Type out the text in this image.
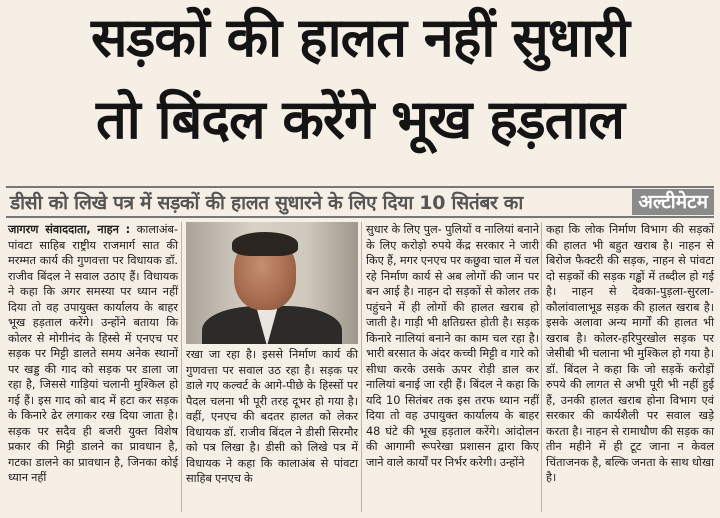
सड़कों की हालत नहीं सुधारी
तो बिंदल करेंगे भूख हड़ताल
डीसी को लिखे पत्र में सड़कों की हालत सुधारने के लिए दिया 10 सितंबर का	अल्टीमेटम
जागरण संवाददाता, नाहन : कालाअंब-पांवटा साहिब राष्ट्रीय राजमार्ग सात की मरम्मत कार्य की गुणवत्ता पर विधायक डॉ. राजीव बिंदल ने सवाल उठाए हैं। विधायक ने कहा कि अगर समस्या पर ध्यान नहीं दिया तो वह उपायुक्त कार्यालय के बाहर भूख हड़ताल करेंगे। उन्होंने बताया कि कोलर से मोगीनंद के हिस्से में एनएच पर सड़क पर मिट्टी डालते समय अनेक स्थानों पर खड्ड की गाद को सड़क पर डाला जा रहा है, जिससे गाड़ियां चलानी मुश्किल हो गई हैं। इस गाद को बाद में हटा कर सड़क के किनारे ढेर लगाकर रख दिया जाता है। सड़क पर सदैव ही बजरी युक्त विशेष प्रकार की मिट्टी डालने का प्रावधान है, गटका डालने का प्रावधान है, जिनका कोई ध्यान नहीं
रखा जा रहा है। इससे निर्माण कार्य की गुणवत्ता पर सवाल उठ रहा है। सड़क पर डाले गए कल्वर्ट के आगे-पीछे के हिस्सों पर पैदल चलना भी पूरी तरह दूभर हो गया है। वहीं, एनएच की बदतर हालत को लेकर विधायक डॉ. राजीव बिंदल ने डीसी सिरमौर को पत्र लिखा है। डीसी को लिखे पत्र में विधायक ने कहा कि कालाअंब से पांवटा साहिब एनएच के
सुधार के लिए पुल- पुलियों व नालियां बनाने के लिए करोड़ो रुपये केंद्र सरकार ने जारी किए हैं, मगर एनएच पर कछुवा चाल में चल रहे निर्माण कार्य से अब लोगों की जान पर बन आई है। नाहन दो सड़कों से कोलर तक पहुंचने में ही लोगों की हालत खराब हो जाती है। गाड़ी भी क्षतिग्रस्त होती है। सड़क किनारे नालियां बनाने का काम चल रहा है। भारी बरसात के अंदर कच्ची मिट्टी व गारे को सीधा करके उसके ऊपर रोड़ी डाल कर नालियां बनाई जा रही हैं। बिंदल ने कहा कि यदि 10 सितंबर तक इस तरफ ध्यान नहीं दिया तो वह उपायुक्त कार्यालय के बाहर 48 घंटे की भूख हड़ताल करेंगे। आंदोलन की आगामी रूपरेखा प्रशासन द्वारा किए जाने वाले कार्यों पर निर्भर करेगी। उन्होंने
कहा कि लोक निर्माण विभाग की सड़कों की हालत भी बहुत खराब है। नाहन से बिरोज फैक्टरी की सड़क, नाहन से पांवटा दो सड़कों की सड़क गड्ढों में तब्दील हो गई है। नाहन से देवका-पुड़ला-सुरला-कौलांवालाभूड सड़क की हालत खराब है। इसके अलावा अन्य मार्गों की हालत भी खराब है। कोलर-हरिपुरखोल सड़क पर जेसीबी भी चलाना भी मुश्किल हो गया है। डॉ. बिंदल ने कहा कि जो सड़कें करोड़ों रुपये की लागत से अभी पूरी भी नहीं हुई हैं, उनकी हालत खराब होना विभाग एवं सरकार की कार्यशैली पर सवाल खड़े करता है। नाहन से रामाधौण की सड़क का तीन महीने में ही टूट जाना न केवल चिंताजनक है, बल्कि जनता के साथ धोखा है।
